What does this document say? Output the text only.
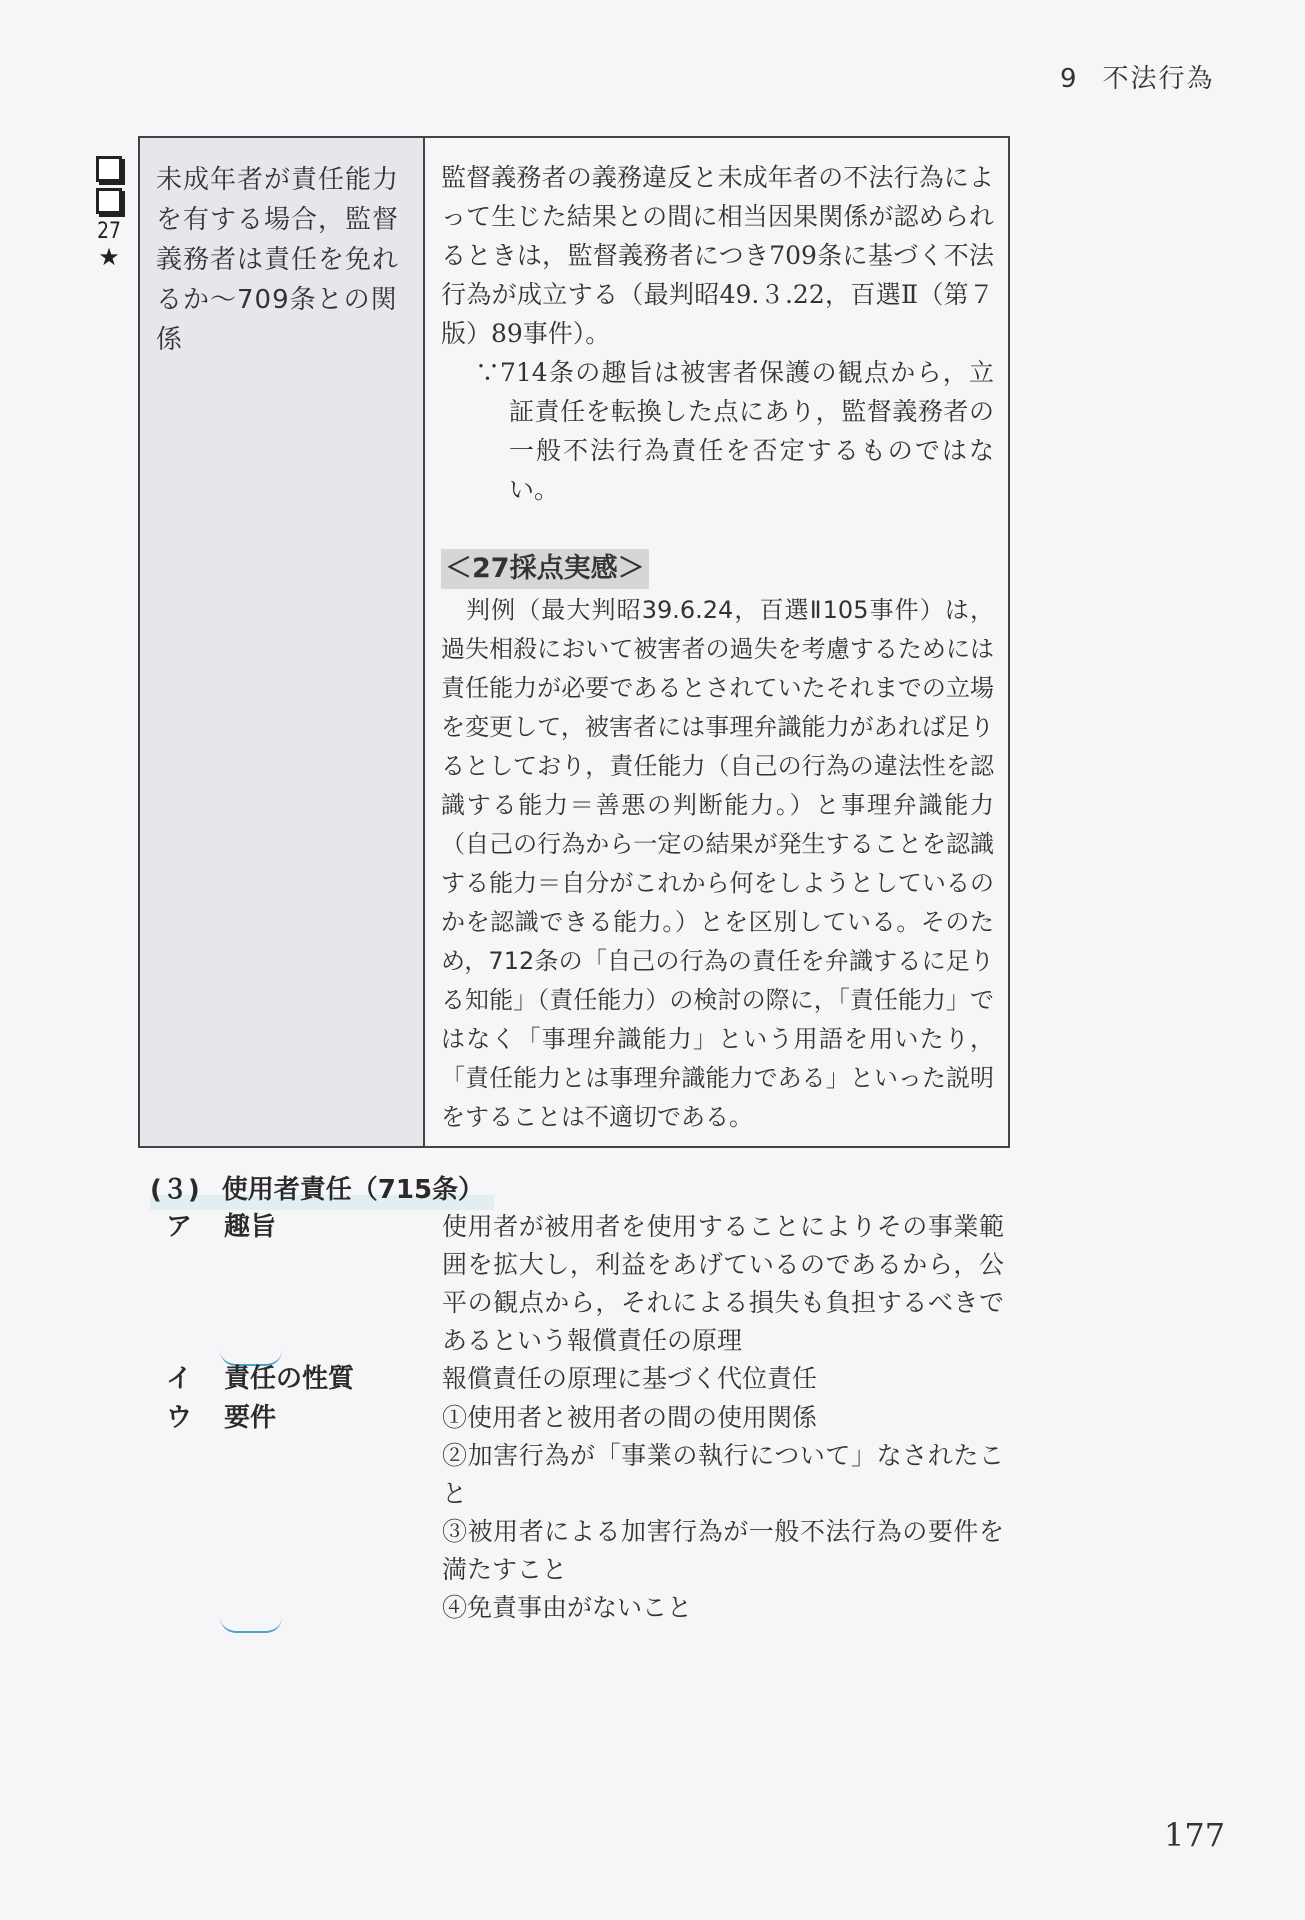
9 不法行為
27
★
未成年者が責任能力を有する場合，監督義務者は責任を免れるか～709条との関係

監督義務者の義務違反と未成年者の不法行為によって生じた結果との間に相当因果関係が認められるときは，監督義務者につき709条に基づく不法行為が成立する（最判昭49.３.22，百選Ⅱ（第７版）89事件）。

∵714条の趣旨は被害者保護の観点から，立証責任を転換した点にあり，監督義務者の一般不法行為責任を否定するものではない。

＜27採点実感＞

判例（最大判昭39.6.24，百選Ⅱ105事件）は，過失相殺において被害者の過失を考慮するためには責任能力が必要であるとされていたそれまでの立場を変更して，被害者には事理弁識能力があれば足りるとしており，責任能力（自己の行為の違法性を認識する能力＝善悪の判断能力。）と事理弁識能力（自己の行為から一定の結果が発生することを認識する能力＝自分がこれから何をしようとしているのかを認識できる能力。）とを区別している。そのため，712条の「自己の行為の責任を弁識するに足りる知能」（責任能力）の検討の際に，「責任能力」ではなく「事理弁識能力」という用語を用いたり，「責任能力とは事理弁識能力である」といった説明をすることは不適切である。

(３) 使用者責任（715条）
ア	趣旨	使用者が被用者を使用することによりその事業範囲を拡大し，利益をあげているのであるから，公平の観点から，それによる損失も負担するべきであるという報償責任の原理
イ	責任の性質	報償責任の原理に基づく代位責任
ウ	要件	①使用者と被用者の間の使用関係
②加害行為が「事業の執行について」なされたこと
③被用者による加害行為が一般不法行為の要件を満たすこと
④免責事由がないこと
177
